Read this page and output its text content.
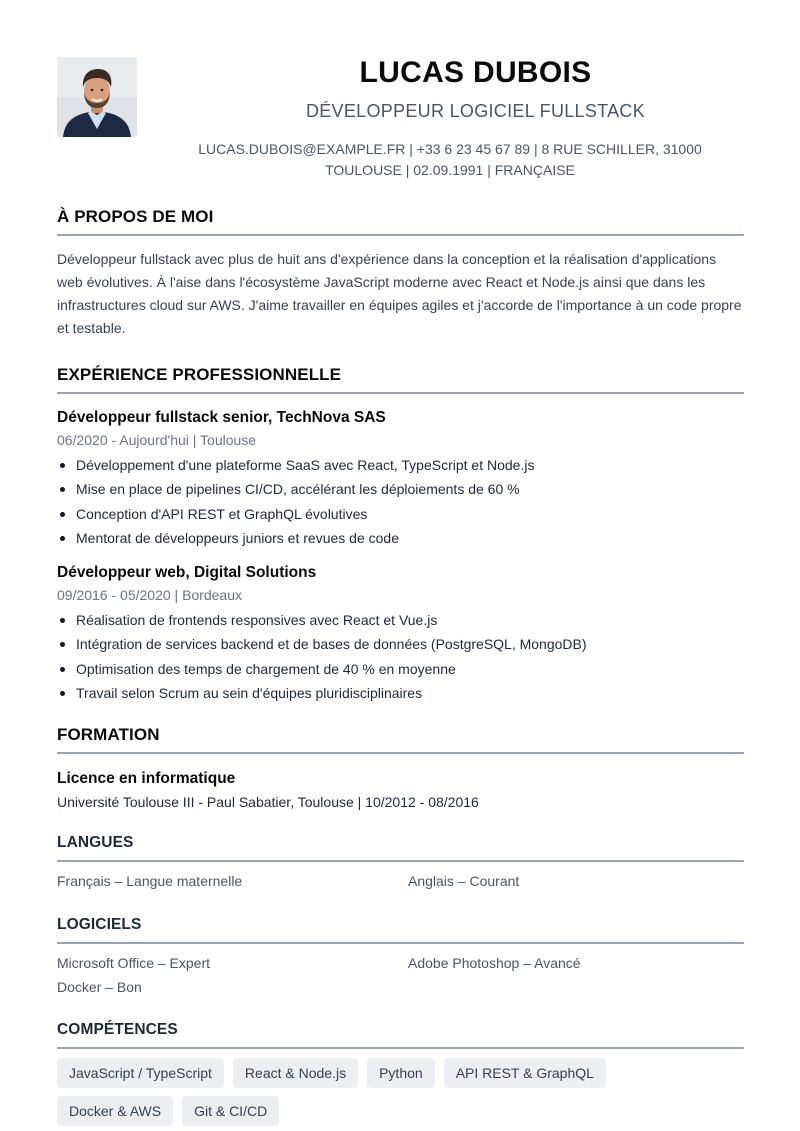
LUCAS DUBOIS
DÉVELOPPEUR LOGICIEL FULLSTACK
LUCAS.DUBOIS@EXAMPLE.FR | +33 6 23 45 67 89 | 8 RUE SCHILLER, 31000
TOULOUSE | 02.09.1991 | FRANÇAISE
À PROPOS DE MOI

Développeur fullstack avec plus de huit ans d'expérience dans la conception et la réalisation d'applications web évolutives. À l'aise dans l'écosystème JavaScript moderne avec React et Node.js ainsi que dans les infrastructures cloud sur AWS. J'aime travailler en équipes agiles et j'accorde de l'importance à un code propre et testable.

EXPÉRIENCE PROFESSIONNELLE
Développeur fullstack senior, TechNova SAS
06/2020 - Aujourd'hui | Toulouse
Développement d'une plateforme SaaS avec React, TypeScript et Node.js
Mise en place de pipelines CI/CD, accélérant les déploiements de 60 %
Conception d'API REST et GraphQL évolutives
Mentorat de développeurs juniors et revues de code
Développeur web, Digital Solutions
09/2016 - 05/2020 | Bordeaux
Réalisation de frontends responsives avec React et Vue.js
Intégration de services backend et de bases de données (PostgreSQL, MongoDB)
Optimisation des temps de chargement de 40 % en moyenne
Travail selon Scrum au sein d'équipes pluridisciplinaires
FORMATION
Licence en informatique
Université Toulouse III - Paul Sabatier, Toulouse | 10/2012 - 08/2016
LANGUES
Français – Langue maternelle	Anglais – Courant
LOGICIELS
Microsoft Office – Expert	Adobe Photoshop – Avancé
Docker – Bon
COMPÉTENCES
JavaScript / TypeScript	React & Node.js	Python	API REST & GraphQL
Docker & AWS	Git & CI/CD
